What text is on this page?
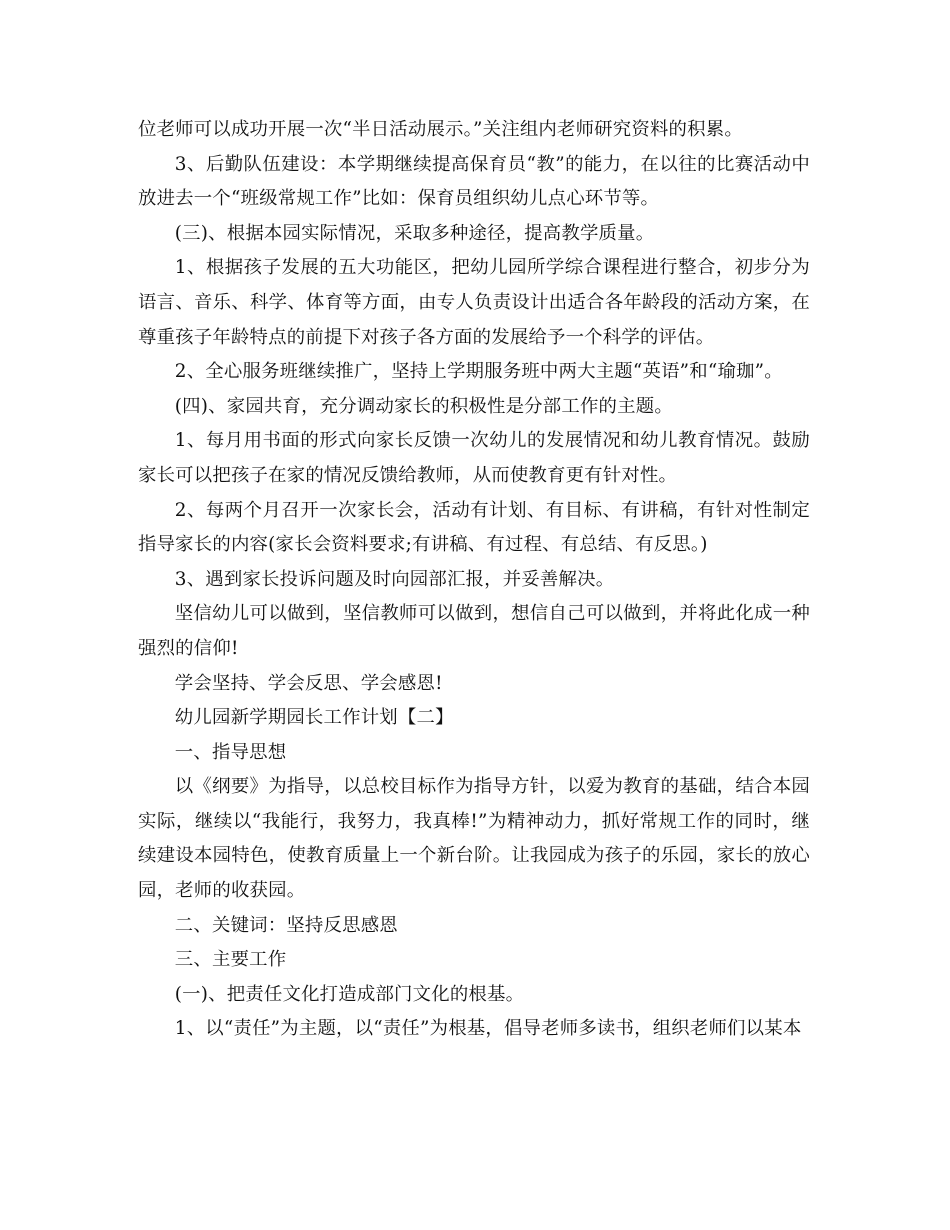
位老师可以成功开展一次“半日活动展示。”关注组内老师研究资料的积累。

3、后勤队伍建设：本学期继续提高保育员“教”的能力，在以往的比赛活动中放进去一个“班级常规工作”比如：保育员组织幼儿点心环节等。

(三)、根据本园实际情况，采取多种途径，提高教学质量。

1、根据孩子发展的五大功能区，把幼儿园所学综合课程进行整合，初步分为语言、音乐、科学、体育等方面，由专人负责设计出适合各年龄段的活动方案，在尊重孩子年龄特点的前提下对孩子各方面的发展给予一个科学的评估。

2、全心服务班继续推广，坚持上学期服务班中两大主题“英语”和“瑜珈”。

(四)、家园共育，充分调动家长的积极性是分部工作的主题。

1、每月用书面的形式向家长反馈一次幼儿的发展情况和幼儿教育情况。鼓励家长可以把孩子在家的情况反馈给教师，从而使教育更有针对性。

2、每两个月召开一次家长会，活动有计划、有目标、有讲稿，有针对性制定指导家长的内容(家长会资料要求;有讲稿、有过程、有总结、有反思。)

3、遇到家长投诉问题及时向园部汇报，并妥善解决。

坚信幼儿可以做到，坚信教师可以做到，想信自己可以做到，并将此化成一种强烈的信仰!

学会坚持、学会反思、学会感恩!

幼儿园新学期园长工作计划【二】

一、指导思想

以《纲要》为指导，以总校目标作为指导方针，以爱为教育的基础，结合本园实际，继续以“我能行，我努力，我真棒!”为精神动力，抓好常规工作的同时，继续建设本园特色，使教育质量上一个新台阶。让我园成为孩子的乐园，家长的放心园，老师的收获园。

二、关键词：坚持反思感恩

三、主要工作

(一)、把责任文化打造成部门文化的根基。

1、以“责任”为主题，以“责任”为根基，倡导老师多读书，组织老师们以某本
